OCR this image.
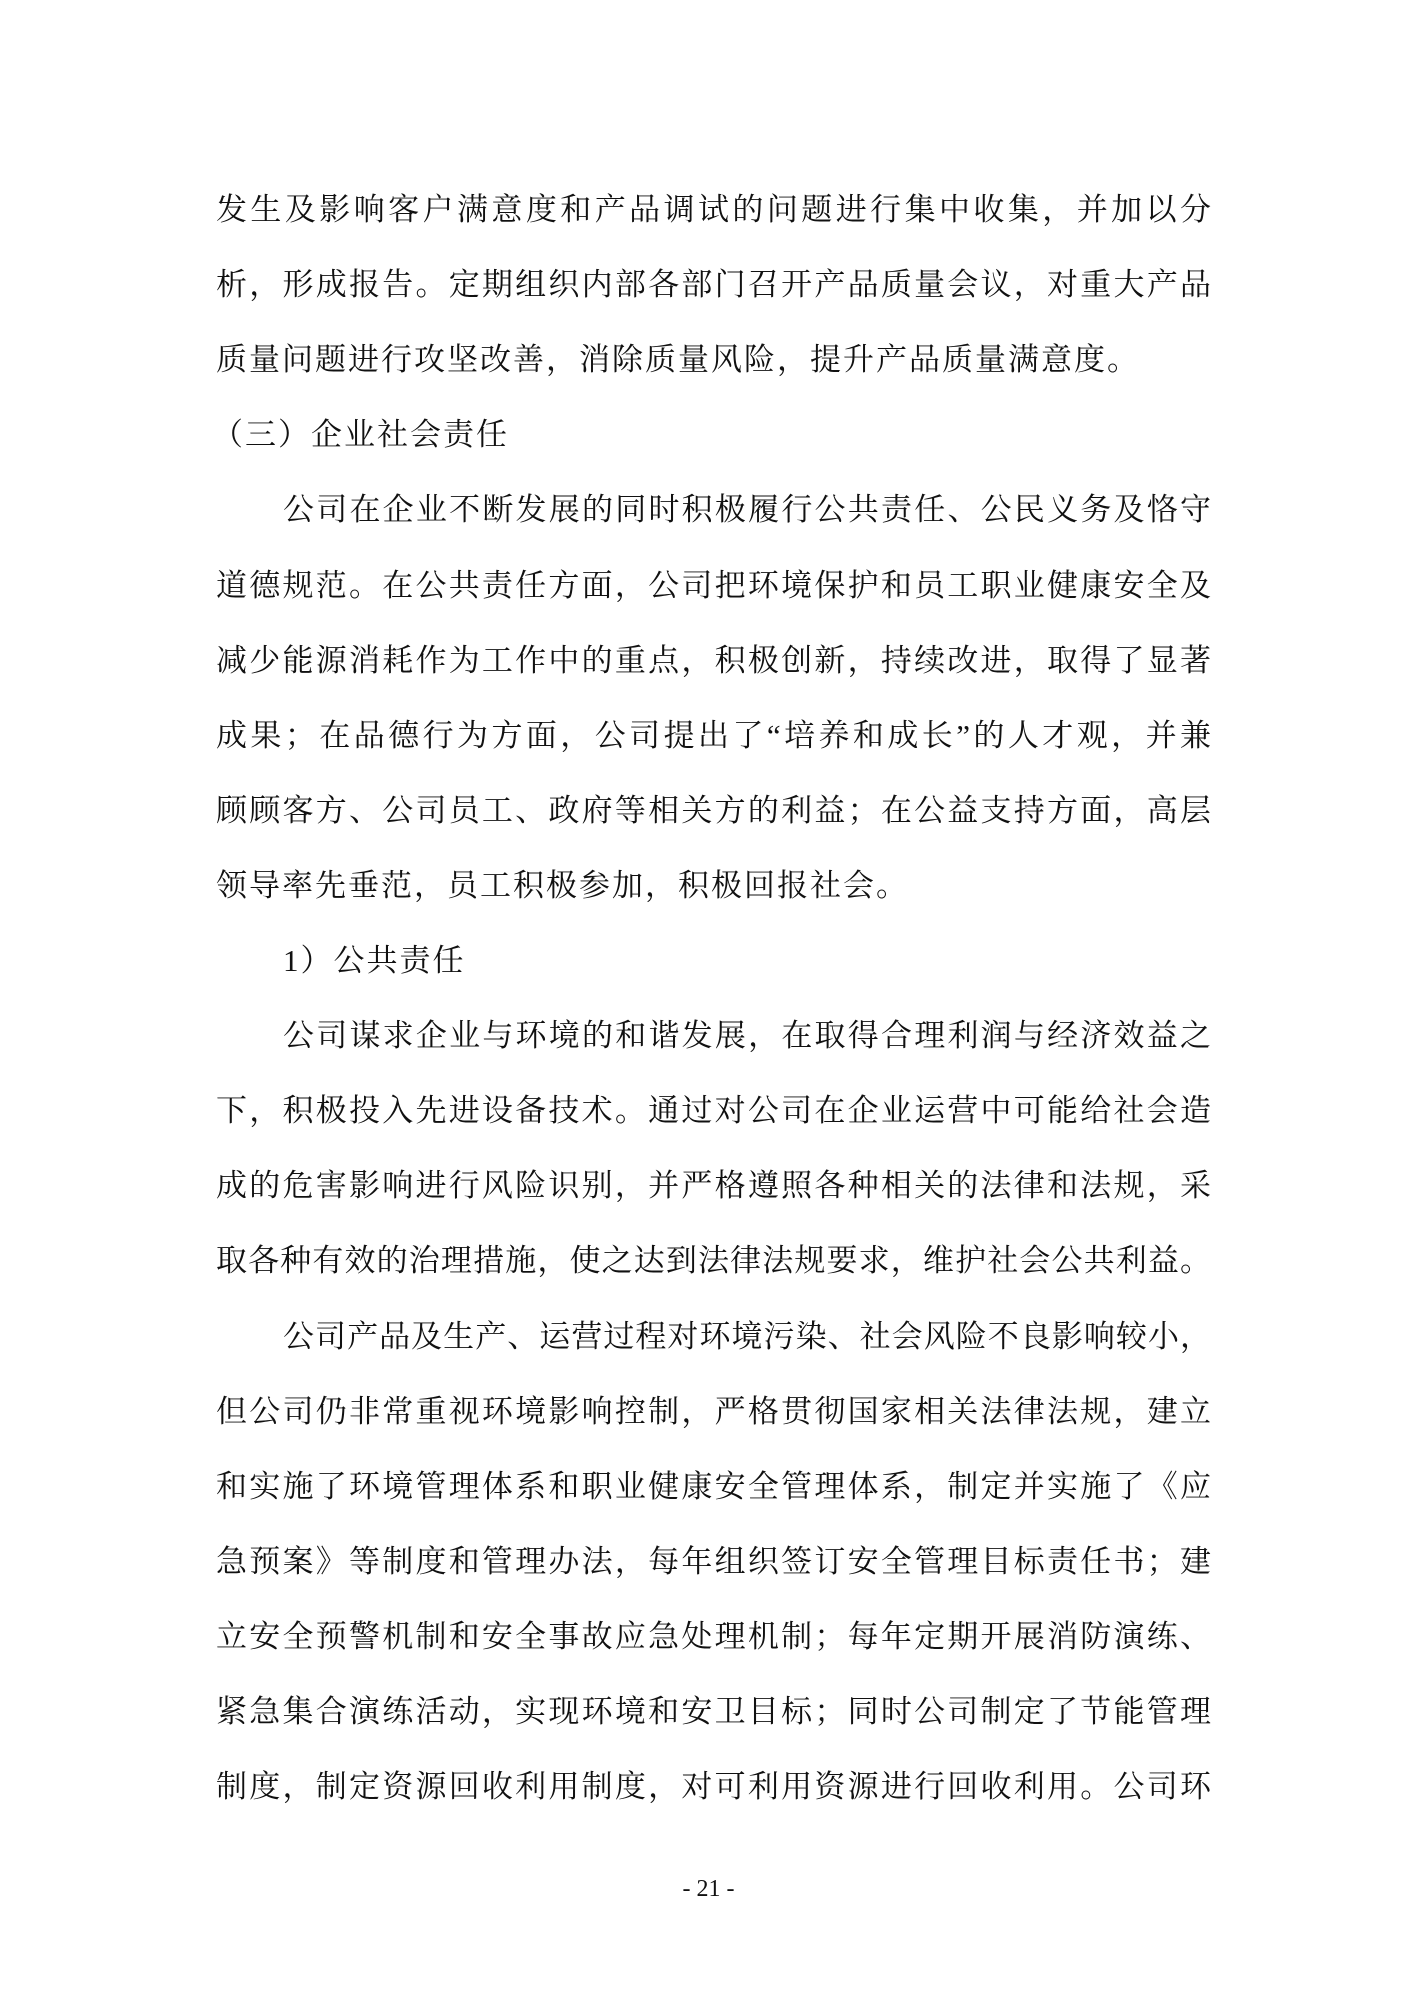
发生及影响客户满意度和产品调试的问题进行集中收集，并加以分
析，形成报告。定期组织内部各部门召开产品质量会议，对重大产品
质量问题进行攻坚改善，消除质量风险，提升产品质量满意度。
（三）企业社会责任
公司在企业不断发展的同时积极履行公共责任、公民义务及恪守
道德规范。在公共责任方面，公司把环境保护和员工职业健康安全及
减少能源消耗作为工作中的重点，积极创新，持续改进，取得了显著
成果；在品德行为方面，公司提出了“培养和成长”的人才观，并兼
顾顾客方、公司员工、政府等相关方的利益；在公益支持方面，高层
领导率先垂范，员工积极参加，积极回报社会。
1）公共责任
公司谋求企业与环境的和谐发展，在取得合理利润与经济效益之
下，积极投入先进设备技术。通过对公司在企业运营中可能给社会造
成的危害影响进行风险识别，并严格遵照各种相关的法律和法规，采
取各种有效的治理措施，使之达到法律法规要求，维护社会公共利益。
公司产品及生产、运营过程对环境污染、社会风险不良影响较小，
但公司仍非常重视环境影响控制，严格贯彻国家相关法律法规，建立
和实施了环境管理体系和职业健康安全管理体系，制定并实施了《应
急预案》等制度和管理办法，每年组织签订安全管理目标责任书；建
立安全预警机制和安全事故应急处理机制；每年定期开展消防演练、
紧急集合演练活动，实现环境和安卫目标；同时公司制定了节能管理
制度，制定资源回收利用制度，对可利用资源进行回收利用。公司环
- 21 -
